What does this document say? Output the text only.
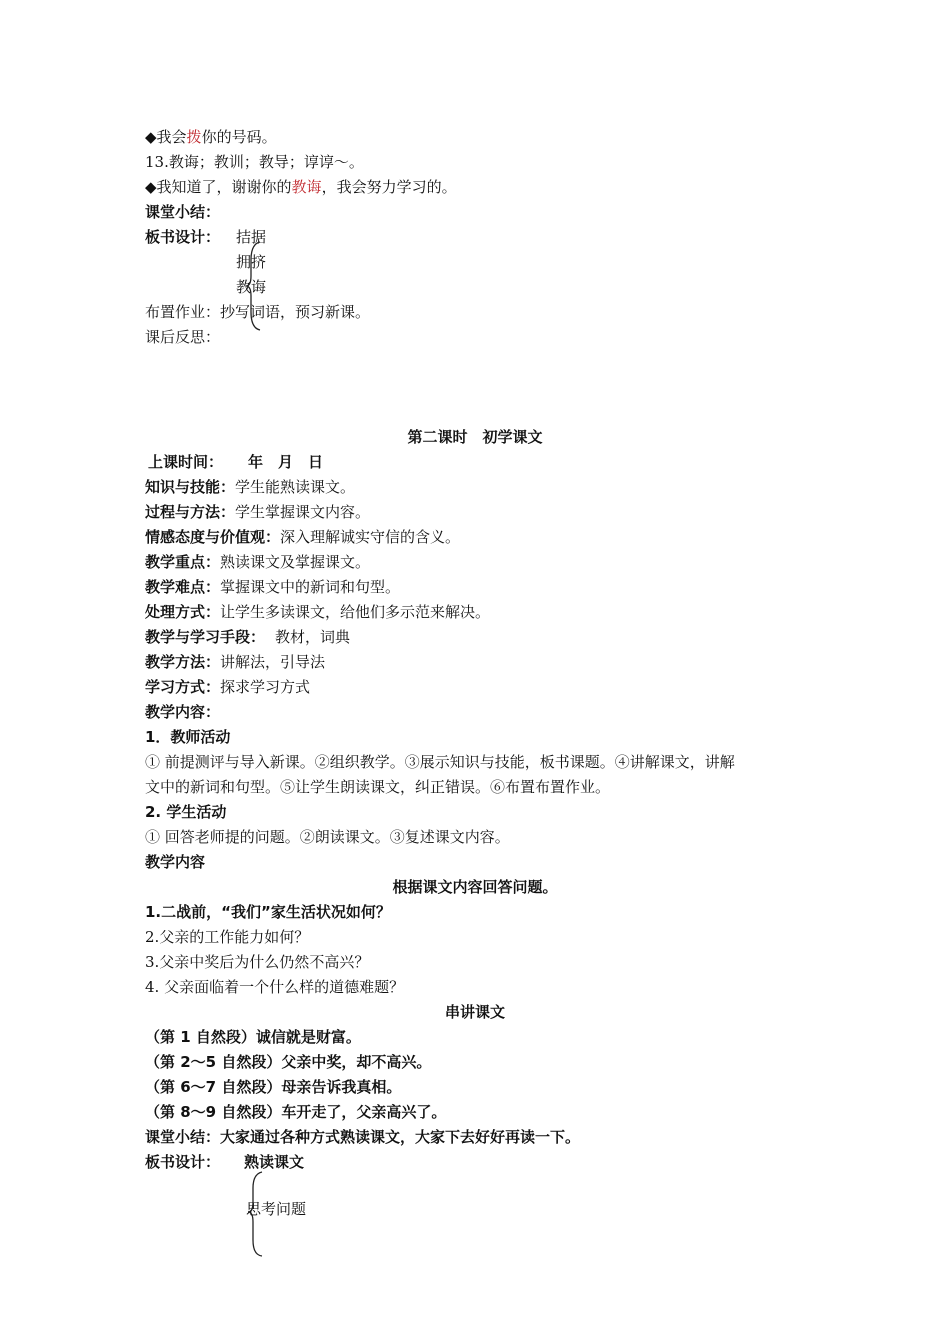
◆我会拨你的号码。
13.教诲；教训；教导；谆谆～。
◆我知道了，谢谢你的教诲，我会努力学习的。
课堂小结：
板书设计： 拮据
拥挤
教诲
布置作业：抄写词语，预习新课。
课后反思：
第二课时　初学课文
上课时间： 年　月　日
知识与技能：学生能熟读课文。
过程与方法：学生掌握课文内容。
情感态度与价值观：深入理解诚实守信的含义。
教学重点：熟读课文及掌握课文。
教学难点：掌握课文中的新词和句型。
处理方式：让学生多读课文，给他们多示范来解决。
教学与学习手段： 教材，词典
教学方法：讲解法，引导法
学习方式：探求学习方式
教学内容：
1．教师活动
① 前提测评与导入新课。②组织教学。③展示知识与技能，板书课题。④讲解课文，讲解
文中的新词和句型。⑤让学生朗读课文，纠正错误。⑥布置布置作业。
2. 学生活动
① 回答老师提的问题。②朗读课文。③复述课文内容。
教学内容
根据课文内容回答问题。
1.二战前，“我们”家生活状况如何？
2.父亲的工作能力如何？
3.父亲中奖后为什么仍然不高兴？
4. 父亲面临着一个什么样的道德难题？
串讲课文
（第 1 自然段）诚信就是财富。
（第 2～5 自然段）父亲中奖，却不高兴。
（第 6～7 自然段）母亲告诉我真相。
（第 8～9 自然段）车开走了，父亲高兴了。
课堂小结：大家通过各种方式熟读课文，大家下去好好再读一下。
板书设计： 熟读课文
思考问题
